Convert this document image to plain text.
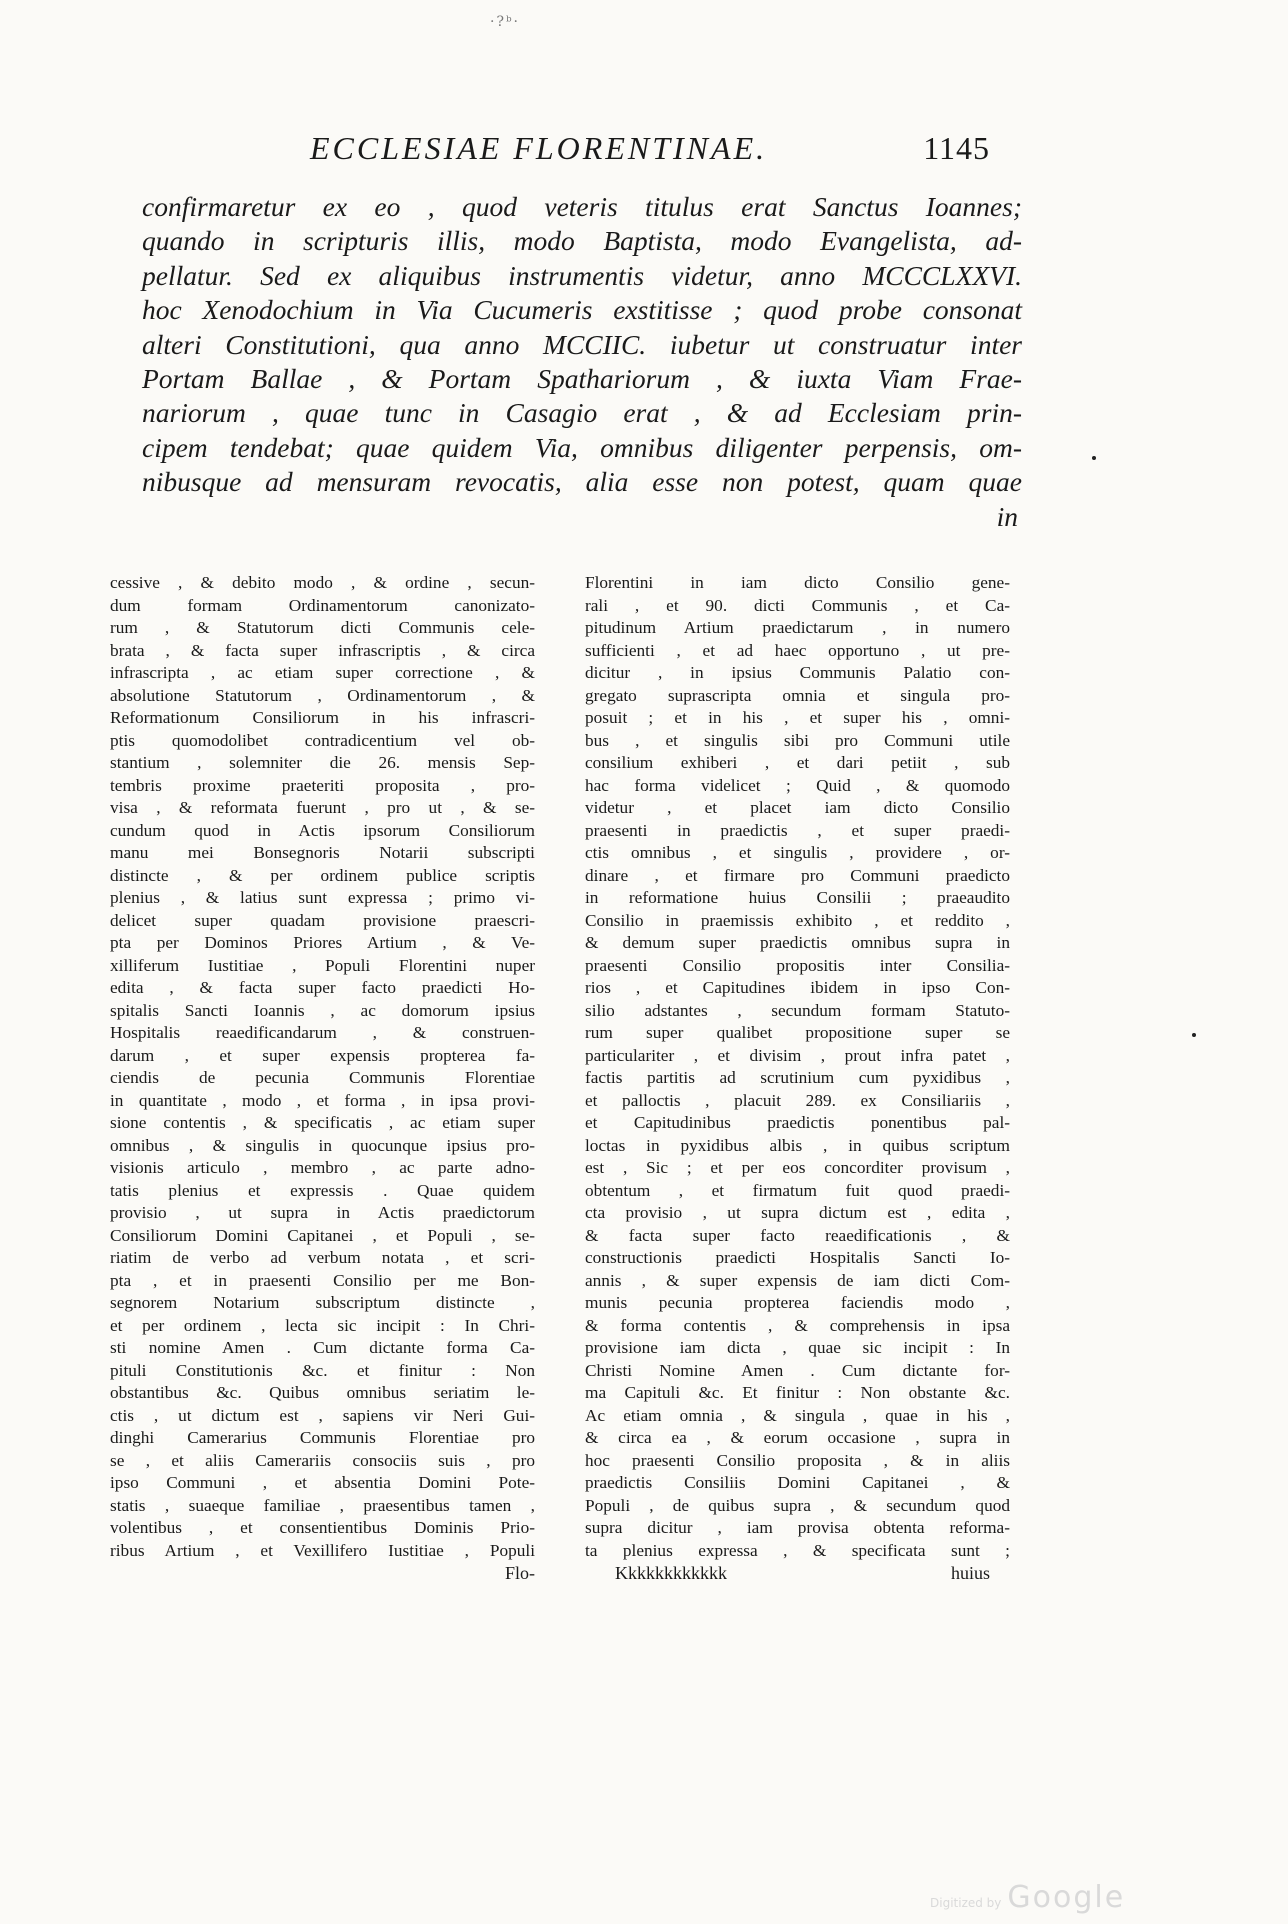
·?ᵇ·
ECCLESIAE FLORENTINAE.	1145
confirmaretur ex eo , quod veteris titulus erat Sanctus Ioannes;
quando in scripturis illis, modo Baptista, modo Evangelista, ad-
pellatur. Sed ex aliquibus instrumentis videtur, anno MCCCLXXVI.
hoc Xenodochium in Via Cucumeris exstitisse ; quod probe consonat
alteri Constitutioni, qua anno MCCIIC. iubetur ut construatur inter
Portam Ballae , & Portam Spathariorum , & iuxta Viam Frae-
nariorum , quae tunc in Casagio erat , & ad Ecclesiam prin-
cipem tendebat; quae quidem Via, omnibus diligenter perpensis, om-
nibusque ad mensuram revocatis, alia esse non potest, quam quae
in
cessive , & debito modo , & ordine , secun-
dum formam Ordinamentorum canonizato-
rum , & Statutorum dicti Communis cele-
brata , & facta super infrascriptis , & circa
infrascripta , ac etiam super correctione , &
absolutione Statutorum , Ordinamentorum , &
Reformationum Consiliorum in his infrascri-
ptis quomodolibet contradicentium vel ob-
stantium , solemniter die 26. mensis Sep-
tembris proxime praeteriti proposita , pro-
visa , & reformata fuerunt , pro ut , & se-
cundum quod in Actis ipsorum Consiliorum
manu mei Bonsegnoris Notarii subscripti
distincte , & per ordinem publice scriptis
plenius , & latius sunt expressa ; primo vi-
delicet super quadam provisione praescri-
pta per Dominos Priores Artium , & Ve-
xilliferum Iustitiae , Populi Florentini nuper
edita , & facta super facto praedicti Ho-
spitalis Sancti Ioannis , ac domorum ipsius
Hospitalis reaedificandarum , & construen-
darum , et super expensis propterea fa-
ciendis de pecunia Communis Florentiae
in quantitate , modo , et forma , in ipsa provi-
sione contentis , & specificatis , ac etiam super
omnibus , & singulis in quocunque ipsius pro-
visionis articulo , membro , ac parte adno-
tatis plenius et expressis . Quae quidem
provisio , ut supra in Actis praedictorum
Consiliorum Domini Capitanei , et Populi , se-
riatim de verbo ad verbum notata , et scri-
pta , et in praesenti Consilio per me Bon-
segnorem Notarium subscriptum distincte ,
et per ordinem , lecta sic incipit : In Chri-
sti nomine Amen . Cum dictante forma Ca-
pituli Constitutionis &c. et finitur : Non
obstantibus &c. Quibus omnibus seriatim le-
ctis , ut dictum est , sapiens vir Neri Gui-
dinghi Camerarius Communis Florentiae pro
se , et aliis Camerariis consociis suis , pro
ipso Communi , et absentia Domini Pote-
statis , suaeque familiae , praesentibus tamen ,
volentibus , et consentientibus Dominis Prio-
ribus Artium , et Vexillifero Iustitiae , Populi
Flo-
Florentini in iam dicto Consilio gene-
rali , et 90. dicti Communis , et Ca-
pitudinum Artium praedictarum , in numero
sufficienti , et ad haec opportuno , ut pre-
dicitur , in ipsius Communis Palatio con-
gregato suprascripta omnia et singula pro-
posuit ; et in his , et super his , omni-
bus , et singulis sibi pro Communi utile
consilium exhiberi , et dari petiit , sub
hac forma videlicet ; Quid , & quomodo
videtur , et placet iam dicto Consilio
praesenti in praedictis , et super praedi-
ctis omnibus , et singulis , providere , or-
dinare , et firmare pro Communi praedicto
in reformatione huius Consilii ; praeaudito
Consilio in praemissis exhibito , et reddito ,
& demum super praedictis omnibus supra in
praesenti Consilio propositis inter Consilia-
rios , et Capitudines ibidem in ipso Con-
silio adstantes , secundum formam Statuto-
rum super qualibet propositione super se
particulariter , et divisim , prout infra patet ,
factis partitis ad scrutinium cum pyxidibus ,
et palloctis , placuit 289. ex Consiliariis ,
et Capitudinibus praedictis ponentibus pal-
loctas in pyxidibus albis , in quibus scriptum
est , Sic ; et per eos concorditer provisum ,
obtentum , et firmatum fuit quod praedi-
cta provisio , ut supra dictum est , edita ,
& facta super facto reaedificationis , &
constructionis praedicti Hospitalis Sancti Io-
annis , & super expensis de iam dicti Com-
munis pecunia propterea faciendis modo ,
& forma contentis , & comprehensis in ipsa
provisione iam dicta , quae sic incipit : In
Christi Nomine Amen . Cum dictante for-
ma Capituli &c. Et finitur : Non obstante &c.
Ac etiam omnia , & singula , quae in his ,
& circa ea , & eorum occasione , supra in
hoc praesenti Consilio proposita , & in aliis
praedictis Consiliis Domini Capitanei , &
Populi , de quibus supra , & secundum quod
supra dicitur , iam provisa obtenta reforma-
ta plenius expressa , & specificata sunt ;
Kkkkkkkkkkkk	huius
Digitized by Google
